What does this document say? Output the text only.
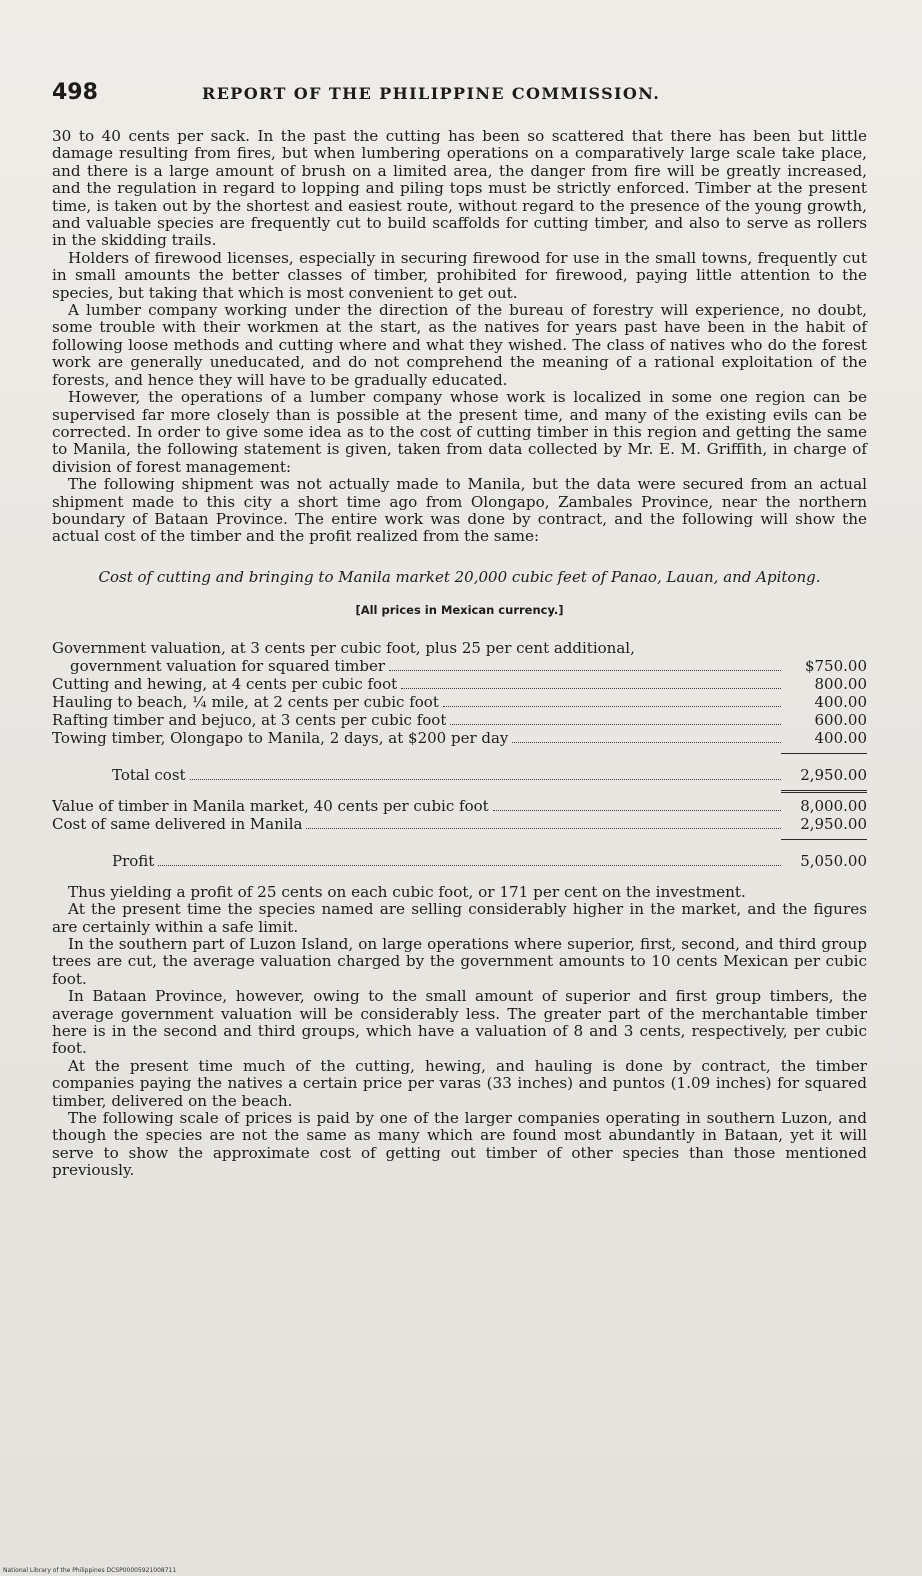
498	REPORT OF THE PHILIPPINE COMMISSION.

30 to 40 cents per sack. In the past the cutting has been so scattered that there has been but little damage resulting from fires, but when lumbering operations on a comparatively large scale take place, and there is a large amount of brush on a limited area, the danger from fire will be greatly increased, and the regulation in regard to lopping and piling tops must be strictly enforced. Timber at the present time, is taken out by the shortest and easiest route, without regard to the presence of the young growth, and valuable species are frequently cut to build scaffolds for cutting timber, and also to serve as rollers in the skidding trails.

Holders of firewood licenses, especially in securing firewood for use in the small towns, frequently cut in small amounts the better classes of timber, prohibited for firewood, paying little attention to the species, but taking that which is most convenient to get out.

A lumber company working under the direction of the bureau of forestry will experience, no doubt, some trouble with their workmen at the start, as the natives for years past have been in the habit of following loose methods and cutting where and what they wished. The class of natives who do the forest work are generally uneducated, and do not comprehend the meaning of a rational exploitation of the forests, and hence they will have to be gradually educated.

However, the operations of a lumber company whose work is localized in some one region can be supervised far more closely than is possible at the present time, and many of the existing evils can be corrected. In order to give some idea as to the cost of cutting timber in this region and getting the same to Manila, the following statement is given, taken from data collected by Mr. E. M. Griffith, in charge of division of forest management:

The following shipment was not actually made to Manila, but the data were secured from an actual shipment made to this city a short time ago from Olongapo, Zambales Province, near the northern boundary of Bataan Province. The entire work was done by contract, and the following will show the actual cost of the timber and the profit realized from the same:

Cost of cutting and bringing to Manila market 20,000 cubic feet of Panao, Lauan, and Apitong.
[All prices in Mexican currency.]
Government valuation, at 3 cents per cubic foot, plus 25 per cent additional,
government valuation for squared timber	$750.00
Cutting and hewing, at 4 cents per cubic foot	800.00
Hauling to beach, ¼ mile, at 2 cents per cubic foot	400.00
Rafting timber and bejuco, at 3 cents per cubic foot	600.00
Towing timber, Olongapo to Manila, 2 days, at $200 per day	400.00
Total cost	2,950.00
Value of timber in Manila market, 40 cents per cubic foot	8,000.00
Cost of same delivered in Manila	2,950.00
Profit	5,050.00

Thus yielding a profit of 25 cents on each cubic foot, or 171 per cent on the investment.

At the present time the species named are selling considerably higher in the market, and the figures are certainly within a safe limit.

In the southern part of Luzon Island, on large operations where superior, first, second, and third group trees are cut, the average valuation charged by the government amounts to 10 cents Mexican per cubic foot.

In Bataan Province, however, owing to the small amount of superior and first group timbers, the average government valuation will be considerably less. The greater part of the merchantable timber here is in the second and third groups, which have a valuation of 8 and 3 cents, respectively, per cubic foot.

At the present time much of the cutting, hewing, and hauling is done by contract, the timber companies paying the natives a certain price per varas (33 inches) and puntos (1.09 inches) for squared timber, delivered on the beach.

The following scale of prices is paid by one of the larger companies operating in southern Luzon, and though the species are not the same as many which are found most abundantly in Bataan, yet it will serve to show the approximate cost of getting out timber of other species than those mentioned previously.

National Library of the Philippines DCSP00005921008711
